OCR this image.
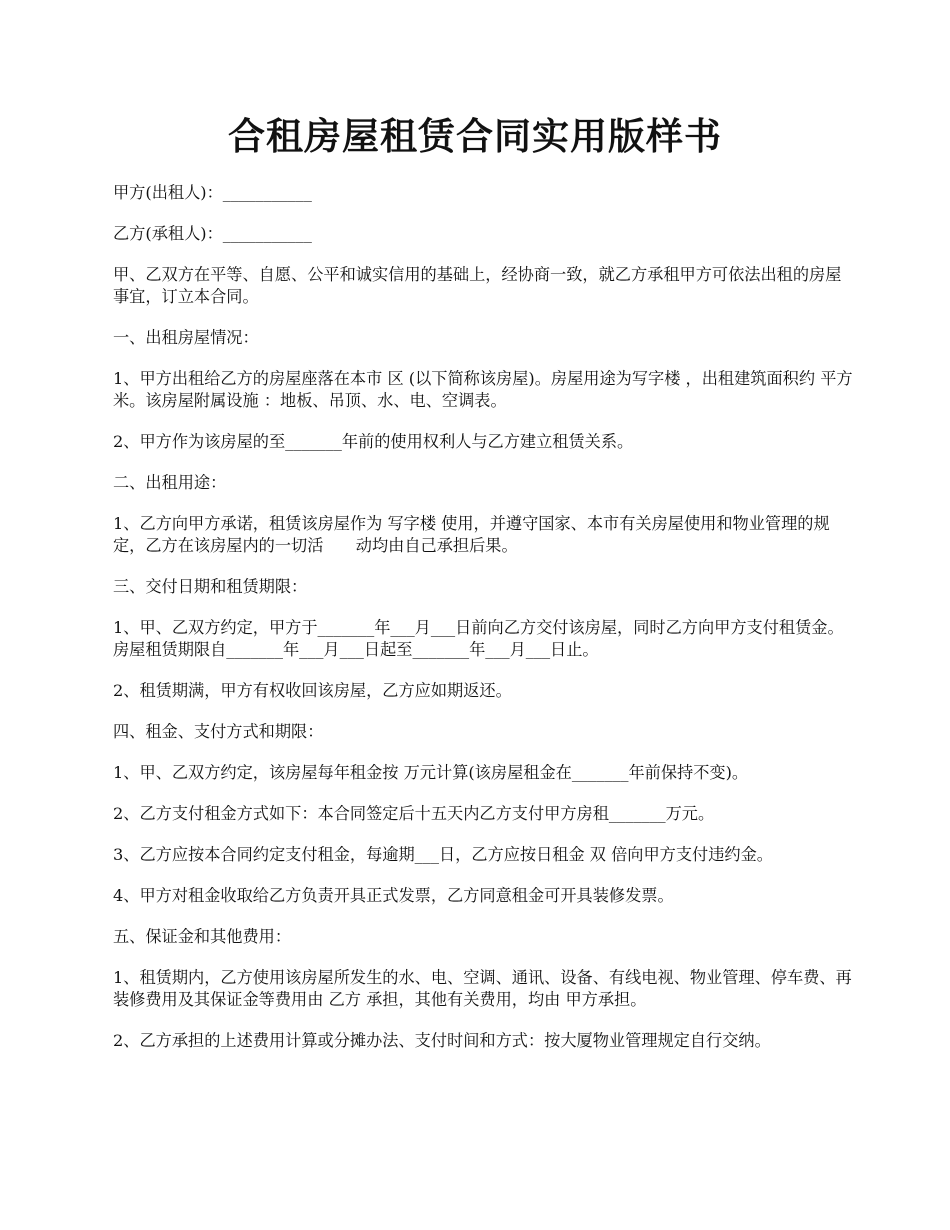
合租房屋租赁合同实用版样书

甲方(出租人)：___________

乙方(承租人)：___________

甲、乙双方在平等、自愿、公平和诚实信用的基础上，经协商一致，就乙方承租甲方可依法出租的房屋事宜，订立本合同。

一、出租房屋情况：

1、甲方出租给乙方的房屋座落在本市 区 (以下简称该房屋)。房屋用途为写字楼 ，出租建筑面积约 平方米。该房屋附属设施 ：地板、吊顶、水、电、空调表。

2、甲方作为该房屋的至_______年前的使用权利人与乙方建立租赁关系。

二、出租用途：

1、乙方向甲方承诺，租赁该房屋作为 写字楼 使用，并遵守国家、本市有关房屋使用和物业管理的规定，乙方在该房屋内的一切活　　动均由自己承担后果。

三、交付日期和租赁期限：

1、甲、乙双方约定，甲方于_______年___月___日前向乙方交付该房屋，同时乙方向甲方支付租赁金。房屋租赁期限自_______年___月___日起至_______年___月___日止。

2、租赁期满，甲方有权收回该房屋，乙方应如期返还。

四、租金、支付方式和期限：

1、甲、乙双方约定，该房屋每年租金按 万元计算(该房屋租金在_______年前保持不变)。

2、乙方支付租金方式如下：本合同签定后十五天内乙方支付甲方房租_______万元。

3、乙方应按本合同约定支付租金，每逾期___日，乙方应按日租金 双 倍向甲方支付违约金。

4、甲方对租金收取给乙方负责开具正式发票，乙方同意租金可开具装修发票。

五、保证金和其他费用：

1、租赁期内，乙方使用该房屋所发生的水、电、空调、通讯、设备、有线电视、物业管理、停车费、再装修费用及其保证金等费用由 乙方 承担，其他有关费用，均由 甲方承担。

2、乙方承担的上述费用计算或分摊办法、支付时间和方式：按大厦物业管理规定自行交纳。
